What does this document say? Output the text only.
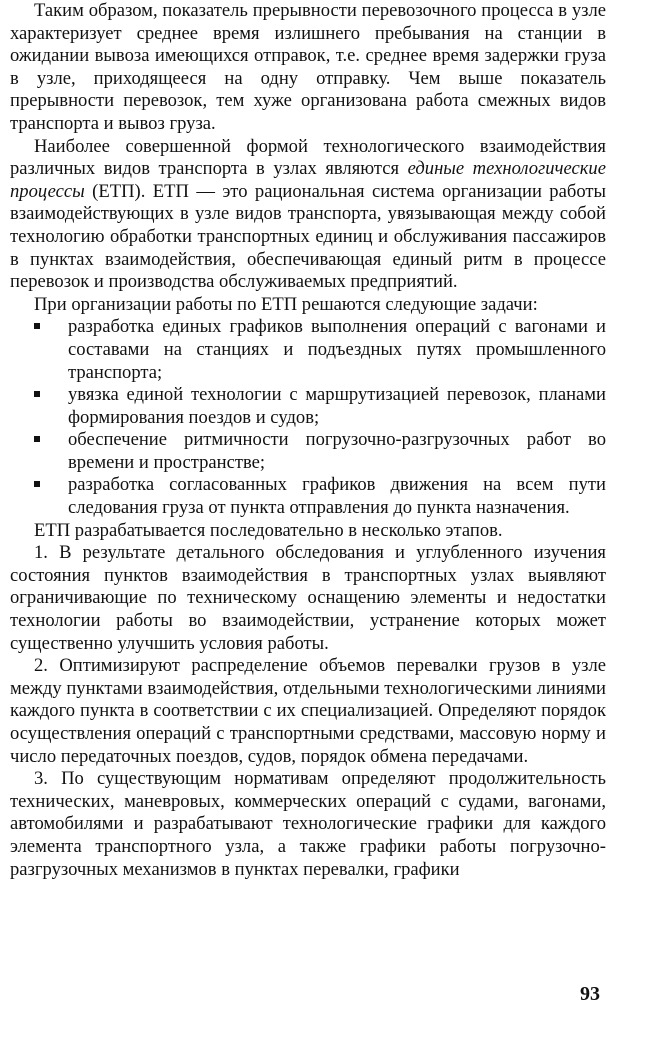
Таким образом, показатель прерывности перевозочного процесса в узле характеризует среднее время излишнего пребывания на станции в ожидании вывоза имеющихся отправок, т.е. среднее время задержки груза в узле, приходящееся на одну отправку. Чем выше показатель прерывности перевозок, тем хуже организована работа смежных видов транспорта и вывоз груза.

Наиболее совершенной формой технологического взаимодействия различных видов транспорта в узлах являются единые технологические процессы (ЕТП). ЕТП — это рациональная система организации работы взаимодействующих в узле видов транспорта, увязывающая между собой технологию обработки транспортных единиц и обслуживания пассажиров в пунктах взаимодействия, обеспечивающая единый ритм в процессе перевозок и производства обслуживаемых предприятий.

При организации работы по ЕТП решаются следующие задачи:

разработка единых графиков выполнения операций с вагонами и составами на станциях и подъездных путях промышленного транспорта;
увязка единой технологии с маршрутизацией перевозок, планами формирования поездов и судов;
обеспечение ритмичности погрузочно-разгрузочных работ во времени и пространстве;
разработка согласованных графиков движения на всем пути следования груза от пункта отправления до пункта назначения.

ЕТП разрабатывается последовательно в несколько этапов.

1. В результате детального обследования и углубленного изучения состояния пунктов взаимодействия в транспортных узлах выявляют ограничивающие по техническому оснащению элементы и недостатки технологии работы во взаимодействии, устранение которых может существенно улучшить условия работы.

2. Оптимизируют распределение объемов перевалки грузов в узле между пунктами взаимодействия, отдельными технологическими линиями каждого пункта в соответствии с их специализацией. Определяют порядок осуществления операций с транспортными средствами, массовую норму и число передаточных поездов, судов, порядок обмена передачами.

3. По существующим нормативам определяют продолжительность технических, маневровых, коммерческих операций с судами, вагонами, автомобилями и разрабатывают технологические графики для каждого элемента транспортного узла, а также графики работы погрузочно-разгрузочных механизмов в пунктах перевалки, графики

93
